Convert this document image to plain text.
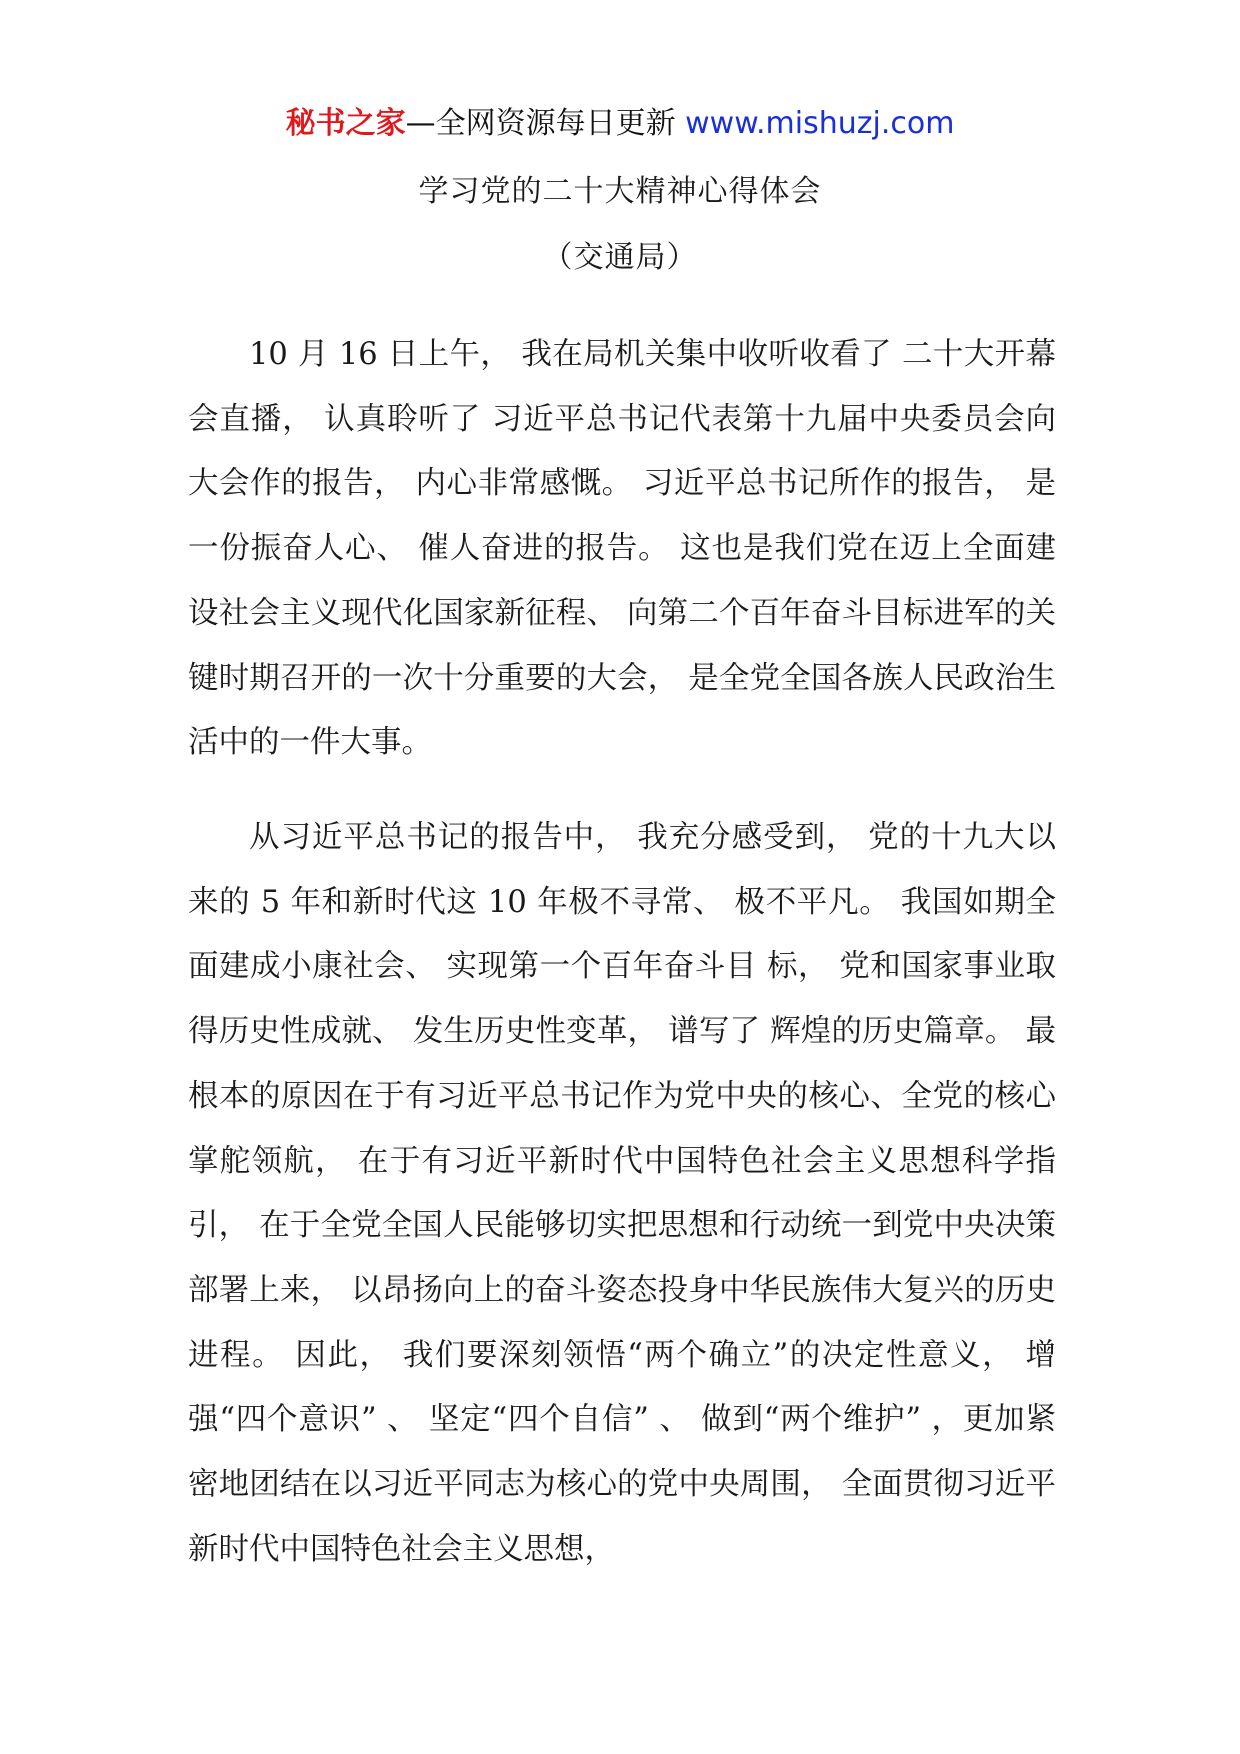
秘书之家—全网资源每日更新 www.mishuzj.com
学习党的二十大精神心得体会
（交通局）
10 月 16 日上午， 我在局机关集中收听收看了 二十大开幕会直播， 认真聆听了 习近平总书记代表第十九届中央委员会向大会作的报告， 内心非常感慨。 习近平总书记所作的报告， 是一份振奋人心、 催人奋进的报告。 这也是我们党在迈上全面建设社会主义现代化国家新征程、 向第二个百年奋斗目标进军的关键时期召开的一次十分重要的大会， 是全党全国各族人民政治生活中的一件大事。
从习近平总书记的报告中， 我充分感受到， 党的十九大以来的 5 年和新时代这 10 年极不寻常、 极不平凡。 我国如期全面建成小康社会、 实现第一个百年奋斗目 标， 党和国家事业取得历史性成就、 发生历史性变革， 谱写了 辉煌的历史篇章。 最根本的原因在于有习近平总书记作为党中央的核心、全党的核心掌舵领航， 在于有习近平新时代中国特色社会主义思想科学指引， 在于全党全国人民能够切实把思想和行动统一到党中央决策部署上来， 以昂扬向上的奋斗姿态投身中华民族伟大复兴的历史进程。 因此， 我们要深刻领悟“两个确立”的决定性意义， 增强“四个意识” 、 坚定“四个自信” 、 做到“两个维护” ，更加紧密地团结在以习近平同志为核心的党中央周围， 全面贯彻习近平新时代中国特色社会主义思想，
